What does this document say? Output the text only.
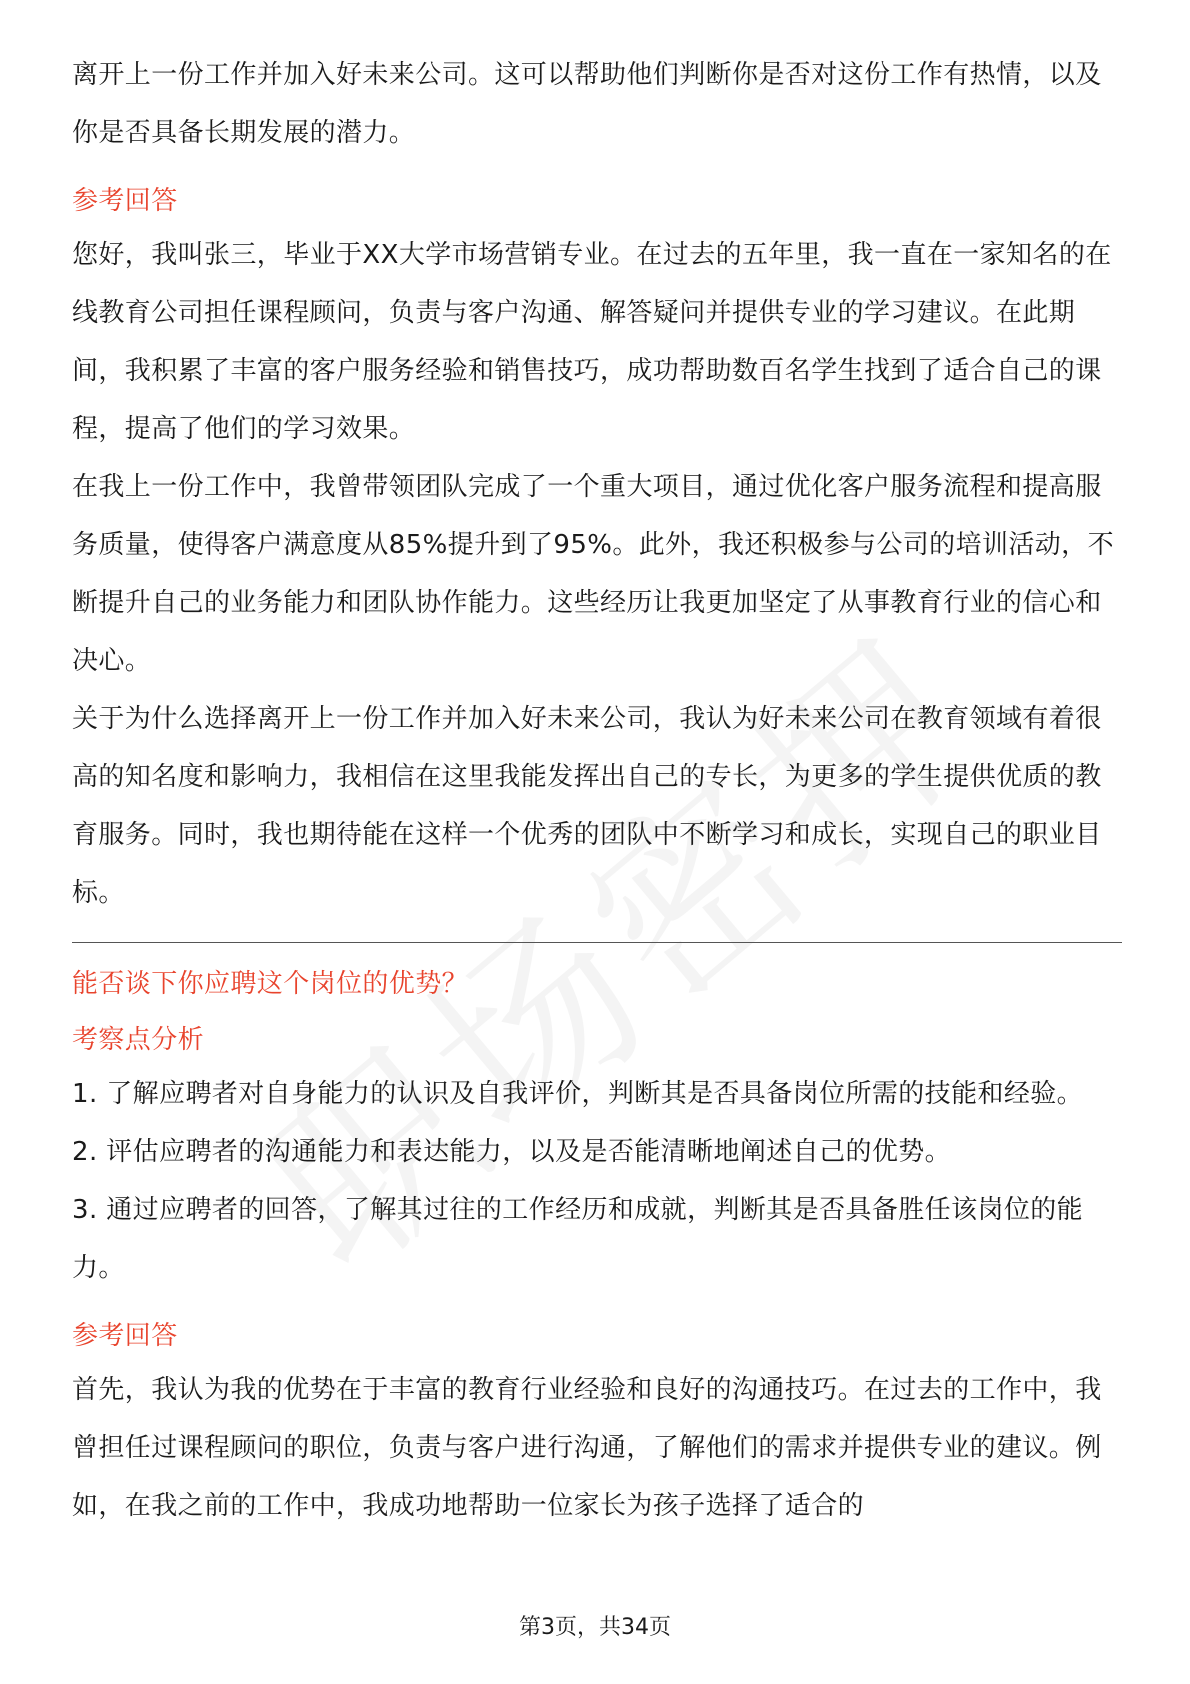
离开上一份工作并加入好未来公司。这可以帮助他们判断你是否对这份工作有热情，以及你是否具备长期发展的潜力。

参考回答

您好，我叫张三，毕业于XX大学市场营销专业。在过去的五年里，我一直在一家知名的在线教育公司担任课程顾问，负责与客户沟通、解答疑问并提供专业的学习建议。在此期间，我积累了丰富的客户服务经验和销售技巧，成功帮助数百名学生找到了适合自己的课程，提高了他们的学习效果。

在我上一份工作中，我曾带领团队完成了一个重大项目，通过优化客户服务流程和提高服务质量，使得客户满意度从85%提升到了95%。此外，我还积极参与公司的培训活动，不断提升自己的业务能力和团队协作能力。这些经历让我更加坚定了从事教育行业的信心和决心。

关于为什么选择离开上一份工作并加入好未来公司，我认为好未来公司在教育领域有着很高的知名度和影响力，我相信在这里我能发挥出自己的专长，为更多的学生提供优质的教育服务。同时，我也期待能在这样一个优秀的团队中不断学习和成长，实现自己的职业目标。

能否谈下你应聘这个岗位的优势？
考察点分析

1. 了解应聘者对自身能力的认识及自我评价，判断其是否具备岗位所需的技能和经验。

2. 评估应聘者的沟通能力和表达能力，以及是否能清晰地阐述自己的优势。

3. 通过应聘者的回答，了解其过往的工作经历和成就，判断其是否具备胜任该岗位的能力。

参考回答

首先，我认为我的优势在于丰富的教育行业经验和良好的沟通技巧。在过去的工作中，我曾担任过课程顾问的职位，负责与客户进行沟通，了解他们的需求并提供专业的建议。例如，在我之前的工作中，我成功地帮助一位家长为孩子选择了适合的

第3页，共34页
